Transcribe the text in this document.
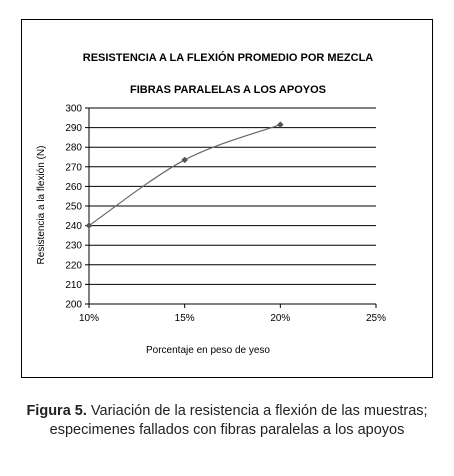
RESISTENCIA A LA FLEXIÓN PROMEDIO POR MEZCLA
FIBRAS PARALELAS A LOS APOYOS
200
210
220
230
240
250
260
270
280
290
300
10%	15%	20%	25%
Resistencia a la flexión (N)
Porcentaje en peso de yeso
Figura 5. Variación de la resistencia a flexión de las muestras; especimenes fallados con fibras paralelas a los apoyos
